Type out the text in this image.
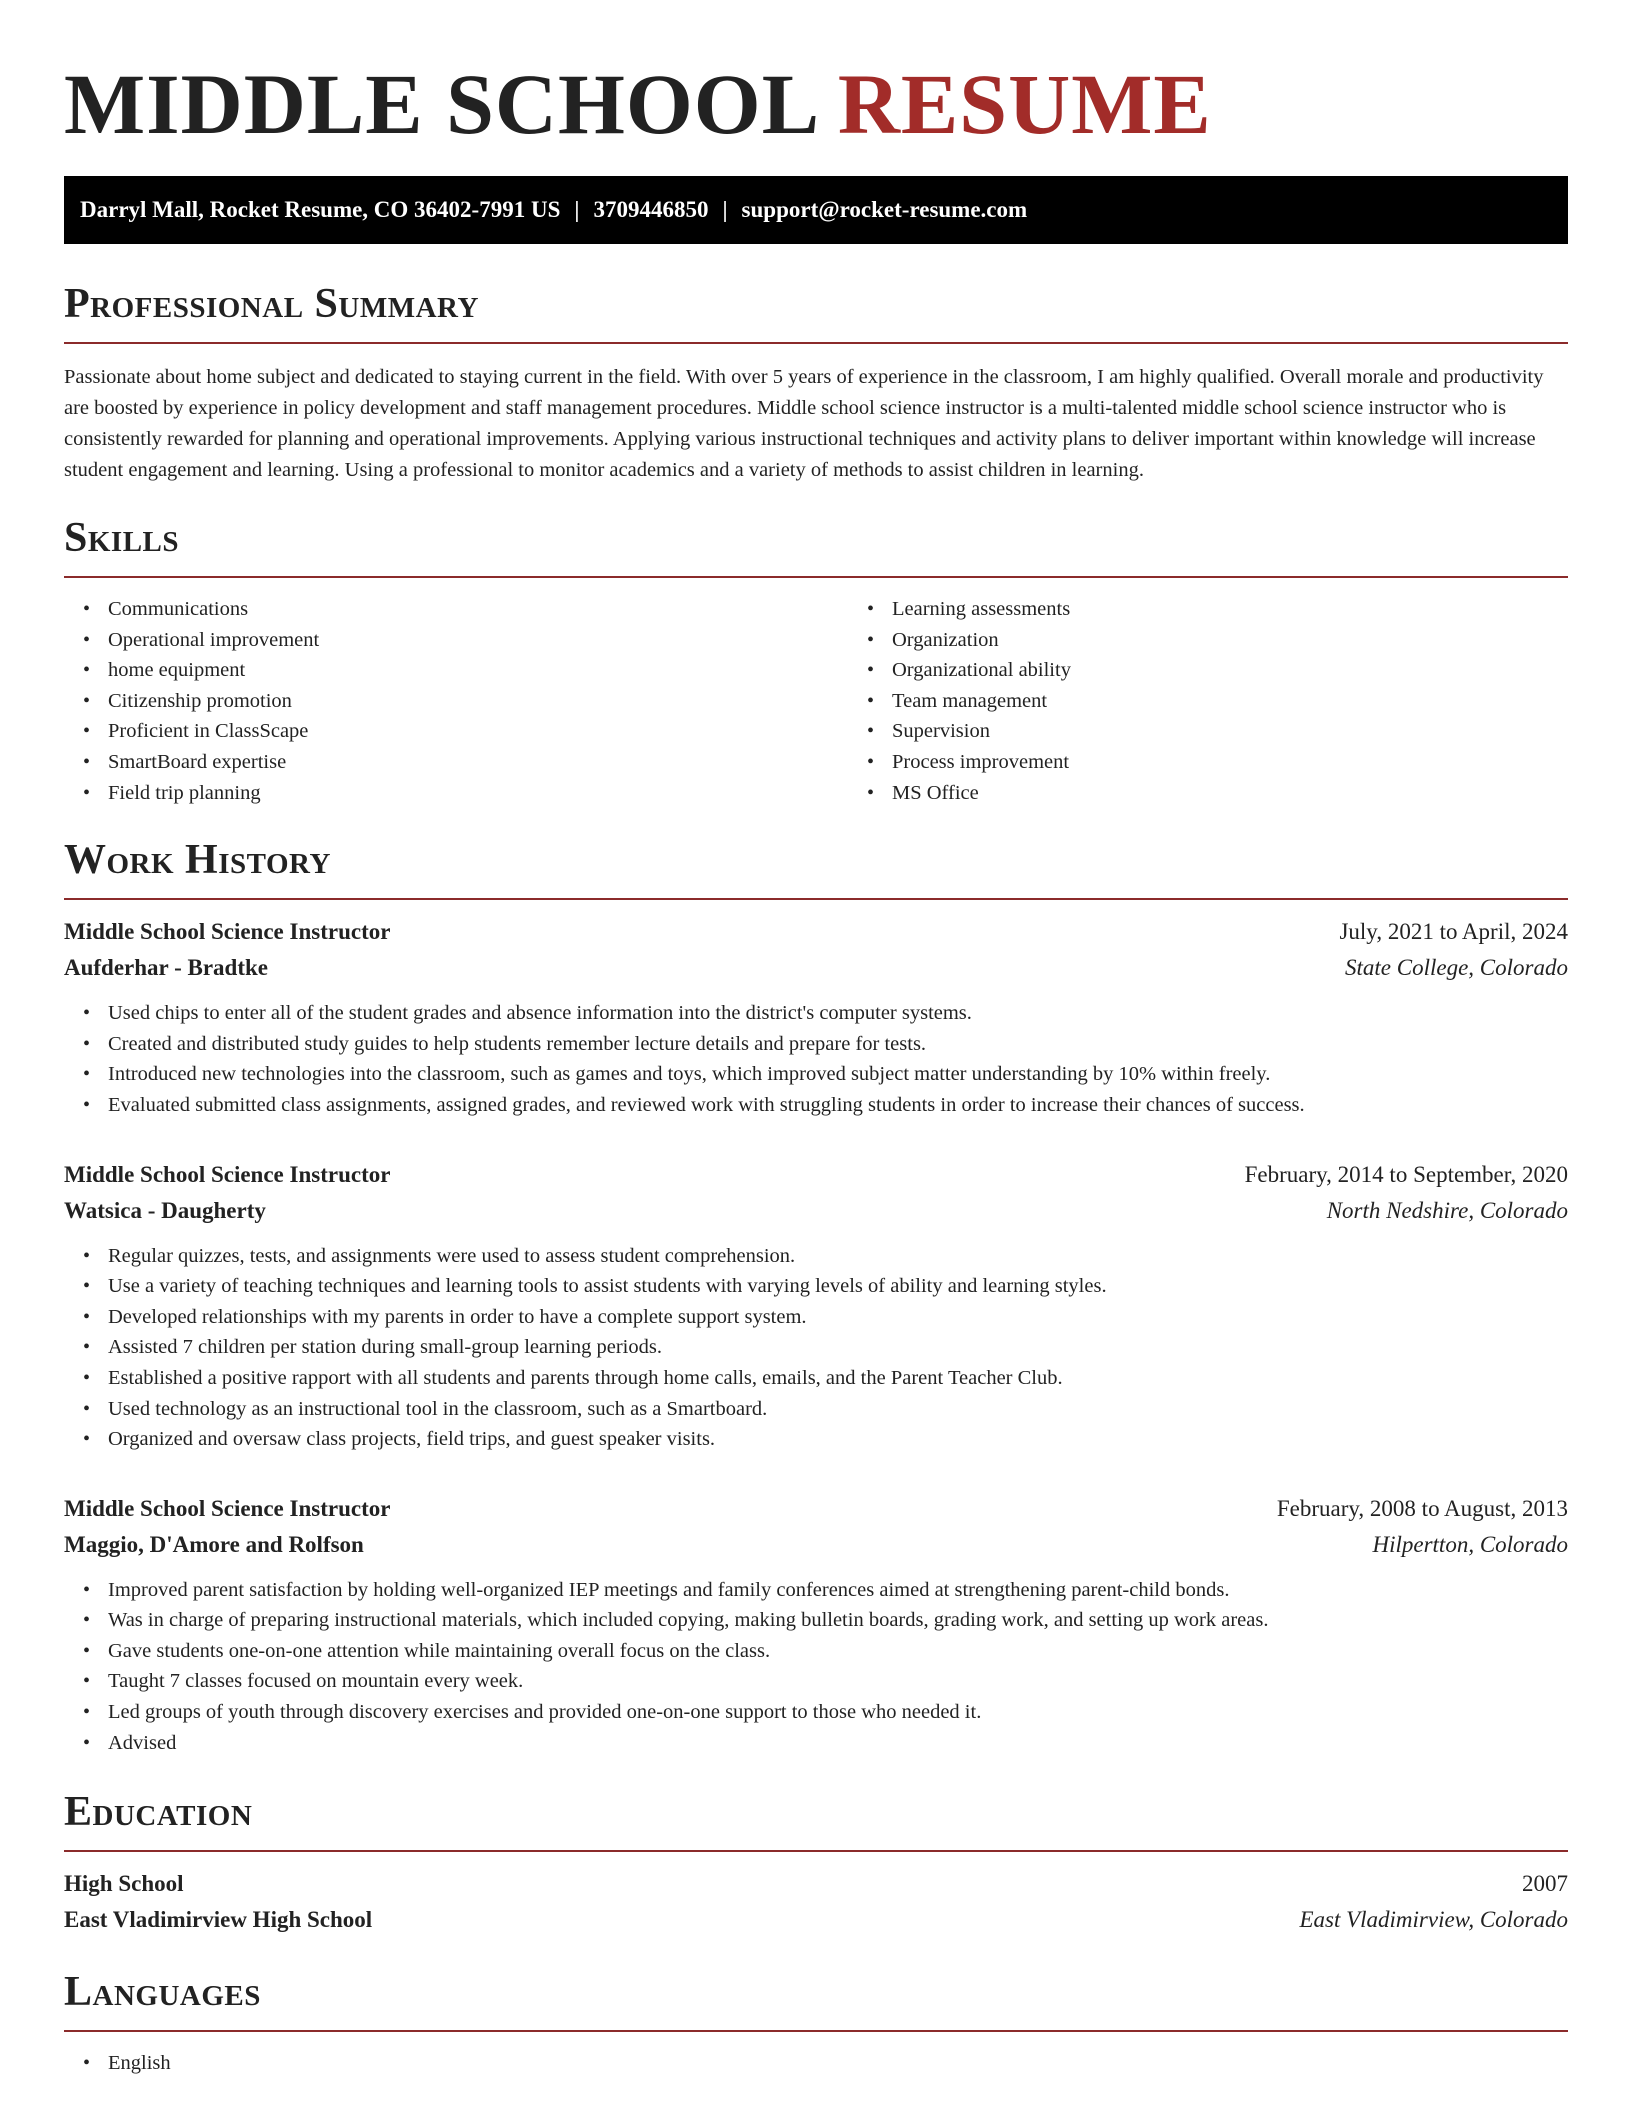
MIDDLE SCHOOL RESUME
Darryl Mall, Rocket Resume, CO 36402-7991 US | 3709446850 | support@rocket-resume.com
Professional Summary

Passionate about home subject and dedicated to staying current in the field. With over 5 years of experience in the classroom, I am highly qualified. Overall morale and productivity are boosted by experience in policy development and staff management procedures. Middle school science instructor is a multi-talented middle school science instructor who is consistently rewarded for planning and operational improvements. Applying various instructional techniques and activity plans to deliver important within knowledge will increase student engagement and learning. Using a professional to monitor academics and a variety of methods to assist children in learning.

Skills
• Communications
• Operational improvement
• home equipment
• Citizenship promotion
• Proficient in ClassScape
• SmartBoard expertise
• Field trip planning
• Learning assessments
• Organization
• Organizational ability
• Team management
• Supervision
• Process improvement
• MS Office
Work History
Middle School Science Instructor	July, 2021 to April, 2024
Aufderhar - Bradtke	State College, Colorado
• Used chips to enter all of the student grades and absence information into the district's computer systems.
• Created and distributed study guides to help students remember lecture details and prepare for tests.
• Introduced new technologies into the classroom, such as games and toys, which improved subject matter understanding by 10% within freely.
• Evaluated submitted class assignments, assigned grades, and reviewed work with struggling students in order to increase their chances of success.
Middle School Science Instructor	February, 2014 to September, 2020
Watsica - Daugherty	North Nedshire, Colorado
• Regular quizzes, tests, and assignments were used to assess student comprehension.
• Use a variety of teaching techniques and learning tools to assist students with varying levels of ability and learning styles.
• Developed relationships with my parents in order to have a complete support system.
• Assisted 7 children per station during small-group learning periods.
• Established a positive rapport with all students and parents through home calls, emails, and the Parent Teacher Club.
• Used technology as an instructional tool in the classroom, such as a Smartboard.
• Organized and oversaw class projects, field trips, and guest speaker visits.
Middle School Science Instructor	February, 2008 to August, 2013
Maggio, D'Amore and Rolfson	Hilpertton, Colorado
• Improved parent satisfaction by holding well-organized IEP meetings and family conferences aimed at strengthening parent-child bonds.
• Was in charge of preparing instructional materials, which included copying, making bulletin boards, grading work, and setting up work areas.
• Gave students one-on-one attention while maintaining overall focus on the class.
• Taught 7 classes focused on mountain every week.
• Led groups of youth through discovery exercises and provided one-on-one support to those who needed it.
• Advised
Education
High School	2007
East Vladimirview High School	East Vladimirview, Colorado
Languages
• English
